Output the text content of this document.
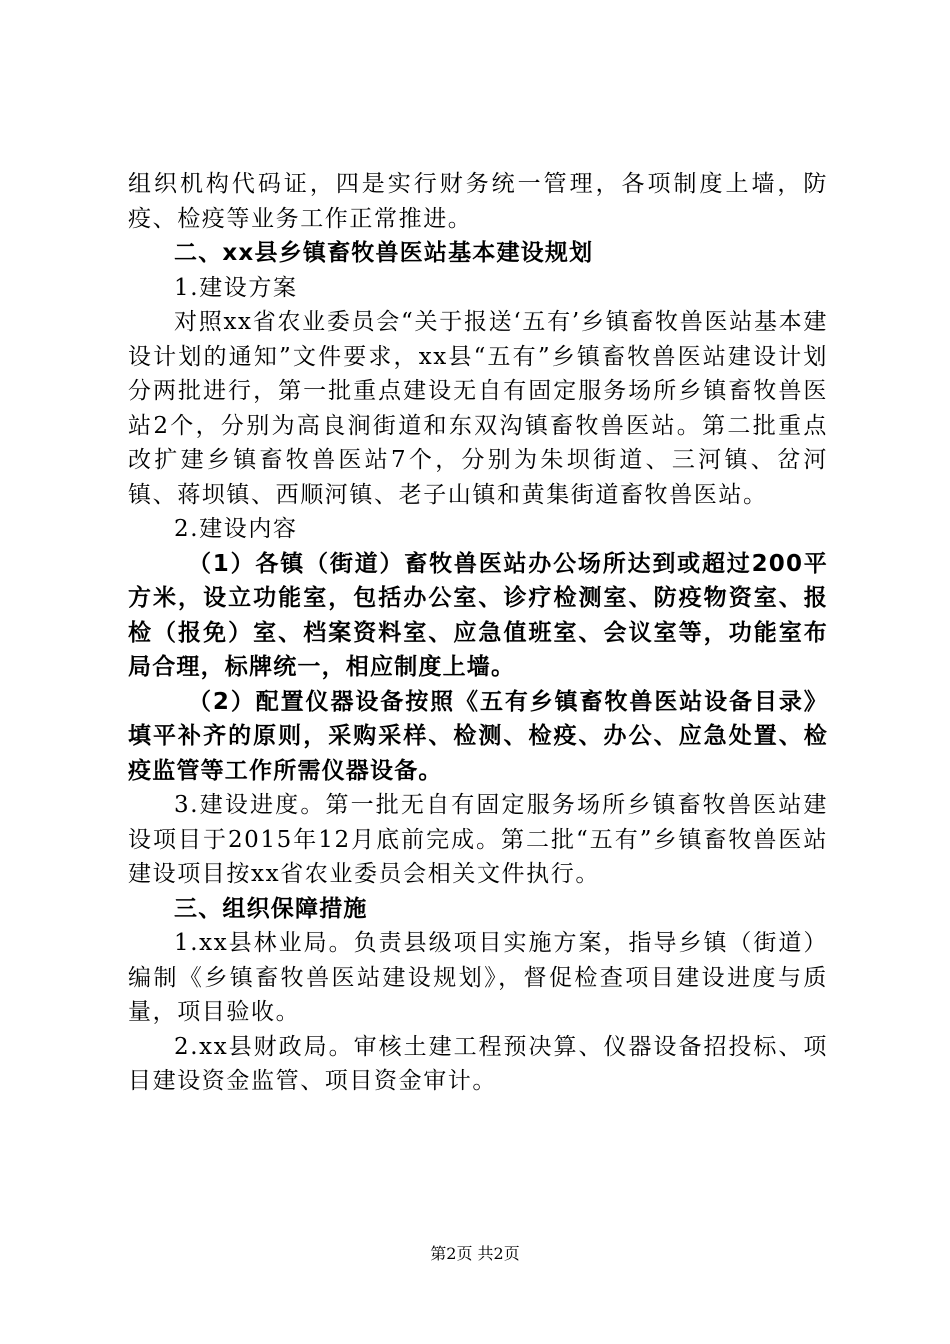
组织机构代码证，四是实行财务统一管理，各项制度上墙，防疫、检疫等业务工作正常推进。

二、xx县乡镇畜牧兽医站基本建设规划

1.建设方案

对照xx省农业委员会“关于报送‘五有’乡镇畜牧兽医站基本建设计划的通知”文件要求，xx县“五有”乡镇畜牧兽医站建设计划分两批进行，第一批重点建设无自有固定服务场所乡镇畜牧兽医站2个，分别为高良涧街道和东双沟镇畜牧兽医站。第二批重点改扩建乡镇畜牧兽医站7个，分别为朱坝街道、三河镇、岔河镇、蒋坝镇、西顺河镇、老子山镇和黄集街道畜牧兽医站。

2.建设内容

（1）各镇（街道）畜牧兽医站办公场所达到或超过200平方米，设立功能室，包括办公室、诊疗检测室、防疫物资室、报检（报免）室、档案资料室、应急值班室、会议室等，功能室布局合理，标牌统一，相应制度上墙。

（2）配置仪器设备按照《五有乡镇畜牧兽医站设备目录》填平补齐的原则，采购采样、检测、检疫、办公、应急处置、检疫监管等工作所需仪器设备。

3.建设进度。第一批无自有固定服务场所乡镇畜牧兽医站建设项目于2015年12月底前完成。第二批“五有”乡镇畜牧兽医站建设项目按xx省农业委员会相关文件执行。

三、组织保障措施

1.xx县林业局。负责县级项目实施方案，指导乡镇（街道）编制《乡镇畜牧兽医站建设规划》，督促检查项目建设进度与质量，项目验收。

2.xx县财政局。审核土建工程预决算、仪器设备招投标、项目建设资金监管、项目资金审计。

第2页 共2页
